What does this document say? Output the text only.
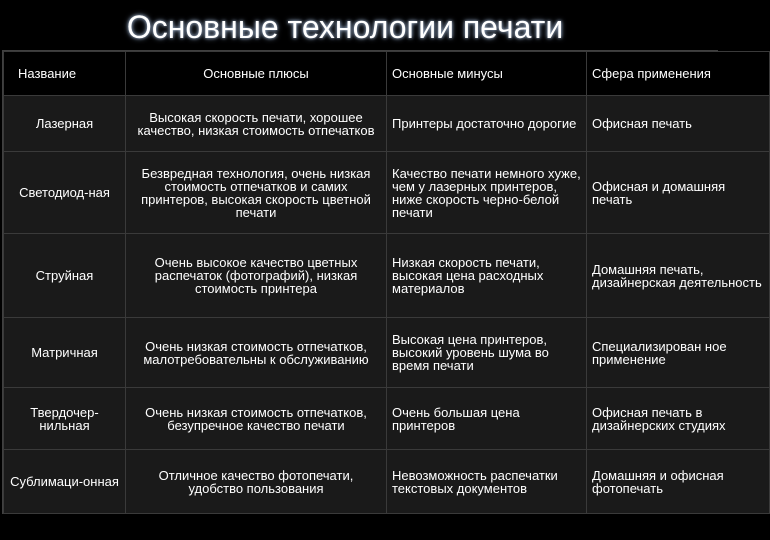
Основные технологии печати
Название	Основные плюсы	Основные минусы	Сфера применения
Лазерная	Высокая скорость печати, хорошее качество, низкая стоимость отпечатков	Принтеры достаточно дорогие	Офисная печать
Светодиод-ная	Безвредная технология, очень низкая стоимость отпечатков и самих принтеров, высокая скорость цветной печати	Качество печати немного хуже, чем у лазерных принтеров, ниже скорость черно-белой печати	Офисная и домашняя печать
Струйная	Очень высокое качество цветных распечаток (фотографий), низкая стоимость принтера	Низкая скорость печати, высокая цена расходных материалов	Домашняя печать, дизайнерская деятельность
Матричная	Очень низкая стоимость отпечатков, малотребовательны к обслуживанию	Высокая цена принтеров, высокий уровень шума во время печати	Специализирован ное применение
Твердочер-нильная	Очень низкая стоимость отпечатков, безупречное качество печати	Очень большая цена принтеров	Офисная печать в дизайнерских студиях
Сублимаци-онная	Отличное качество фотопечати, удобство пользования	Невозможность распечатки текстовых документов	Домашняя и офисная фотопечать
